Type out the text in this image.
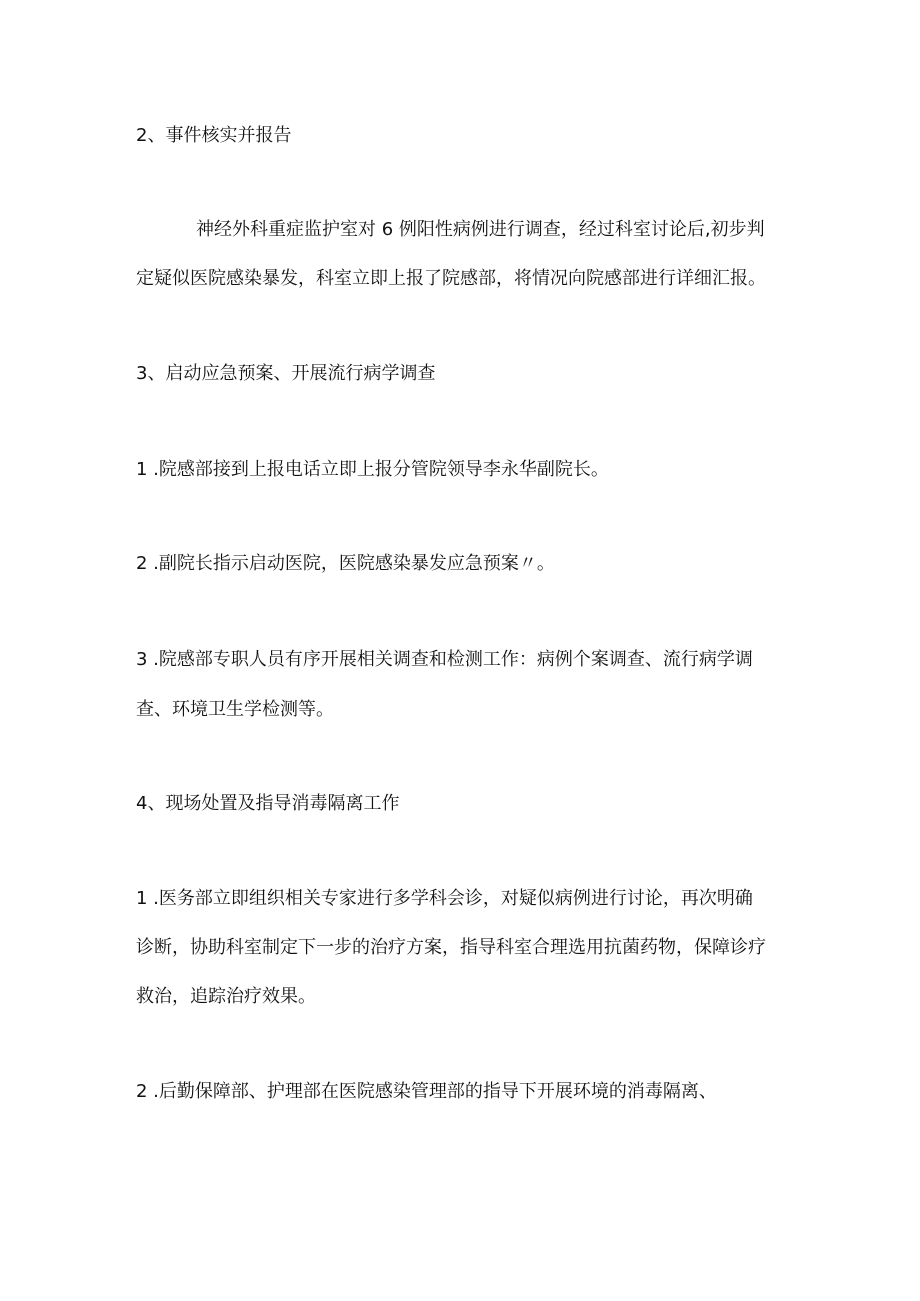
2、事件核实并报告
神经外科重症监护室对 6 例阳性病例进行调查，经过科室讨论后,初步判
定疑似医院感染暴发，科室立即上报了院感部，将情况向院感部进行详细汇报。
3、启动应急预案、开展流行病学调查
1 .院感部接到上报电话立即上报分管院领导李永华副院长。
2 .副院长指示启动医院，医院感染暴发应急预案〃。
3 .院感部专职人员有序开展相关调查和检测工作：病例个案调查、流行病学调
查、环境卫生学检测等。
4、现场处置及指导消毒隔离工作
1 .医务部立即组织相关专家进行多学科会诊，对疑似病例进行讨论，再次明确
诊断，协助科室制定下一步的治疗方案，指导科室合理选用抗菌药物，保障诊疗
救治，追踪治疗效果。
2 .后勤保障部、护理部在医院感染管理部的指导下开展环境的消毒隔离、
